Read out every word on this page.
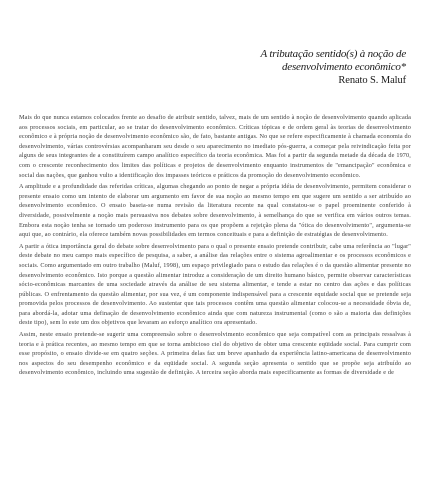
A tributação sentido(s) à noção de

desenvolvimento econômico*

Renato S. Maluf

Mais do que nunca estamos colocados frente ao desafio de atribuir sentido, talvez, mais de um sentido à noção de desenvolvimento quando aplicada aos processos sociais, em particular, ao se tratar do desenvolvimento econômico. Críticas tópicas e de ordem geral às teorias de desenvolvimento econômico e à própria noção de desenvolvimento econômico são, de fato, bastante antigas. No que se refere especificamente à chamada economia do desenvolvimento, várias controvérsias acompanharam seu desde o seu aparecimento no imediato pós-guerra, a começar pela reivindicação feita por alguns de seus integrantes de a constituírem campo analítico específico da teoria econômica. Mas foi a partir da segunda metade da década de 1970, com o crescente reconhecimento dos limites das políticas e projetos de desenvolvimento enquanto instrumentos de "emancipação" econômica e social das nações, que ganhou vulto a identificação dos impasses teóricos e práticos da promoção do desenvolvimento econômico.

A amplitude e a profundidade das referidas críticas, algumas chegando ao ponto de negar a própria idéia de desenvolvimento, permitem considerar o presente ensaio como um intento de elaborar um argumento em favor de sua noção ao mesmo tempo em que sugere um sentido a ser atribuído ao desenvolvimento econômico. O ensaio baseia-se numa revisão da literatura recente na qual constatou-se o papel proeminente conferido à diversidade, possivelmente a noção mais persuasiva nos debates sobre desenvolvimento, à semelhança do que se verifica em vários outros temas. Embora esta noção tenha se tornado um poderoso instrumento para os que propõem a rejeição plena da "ótica do desenvolvimento", argumenta-se aqui que, ao contrário, ela oferece também novas possibilidades em termos conceituais e para a definição de estratégias de desenvolvimento.

A partir a ótica importância geral do debate sobre desenvolvimento para o qual o presente ensaio pretende contribuir, cabe uma referência ao "lugar" deste debate no meu campo mais específico de pesquisa, a saber, a análise das relações entre o sistema agroalimentar e os processos econômicos e sociais. Como argumentado em outro trabalho (Maluf, 1998), um espaço privilegiado para o estudo das relações é o da questão alimentar presente no desenvolvimento econômico. Isto porque a questão alimentar introduz a consideração de um direito humano básico, permite observar características sócio-econômicas marcantes de uma sociedade através da análise de seu sistema alimentar, e tende a estar no centro das ações e das políticas públicas. O enfrentamento da questão alimentar, por sua vez, é um componente indispensável para a crescente equidade social que se pretende seja promovida pelos processos de desenvolvimento. Ao sustentar que tais processos contêm uma questão alimentar colocou-se a necessidade óbvia de, para abordá-la, adotar uma definação de desenvolvimento econômico ainda que com natureza instrumental (como o são a maioria das definições deste tipo), sem lo este um dos objetivos que levaram ao esforço analítico ora apresentado.

Assim, neste ensaio pretende-se sugerir uma compreensão sobre o desenvolvimento econômico que seja compatível com as principais ressalvas à teoria e à prática recentes, ao mesmo tempo em que se torna ambicioso ciel do objetivo de obter uma crescente eqüidade social. Para cumprir com esse propósito, o ensaio divide-se em quatro seções. A primeira delas faz um breve apanhado da experiência latino-americana de desenvolvimento nos aspectos do seu desempenho econômico e da eqüidade social. A segunda seção apresenta o sentido que se propõe seja atribuído ao desenvolvimento econômico, incluindo uma sugestão de definição. A terceira seção aborda mais especificamente as formas de diversidade e de
